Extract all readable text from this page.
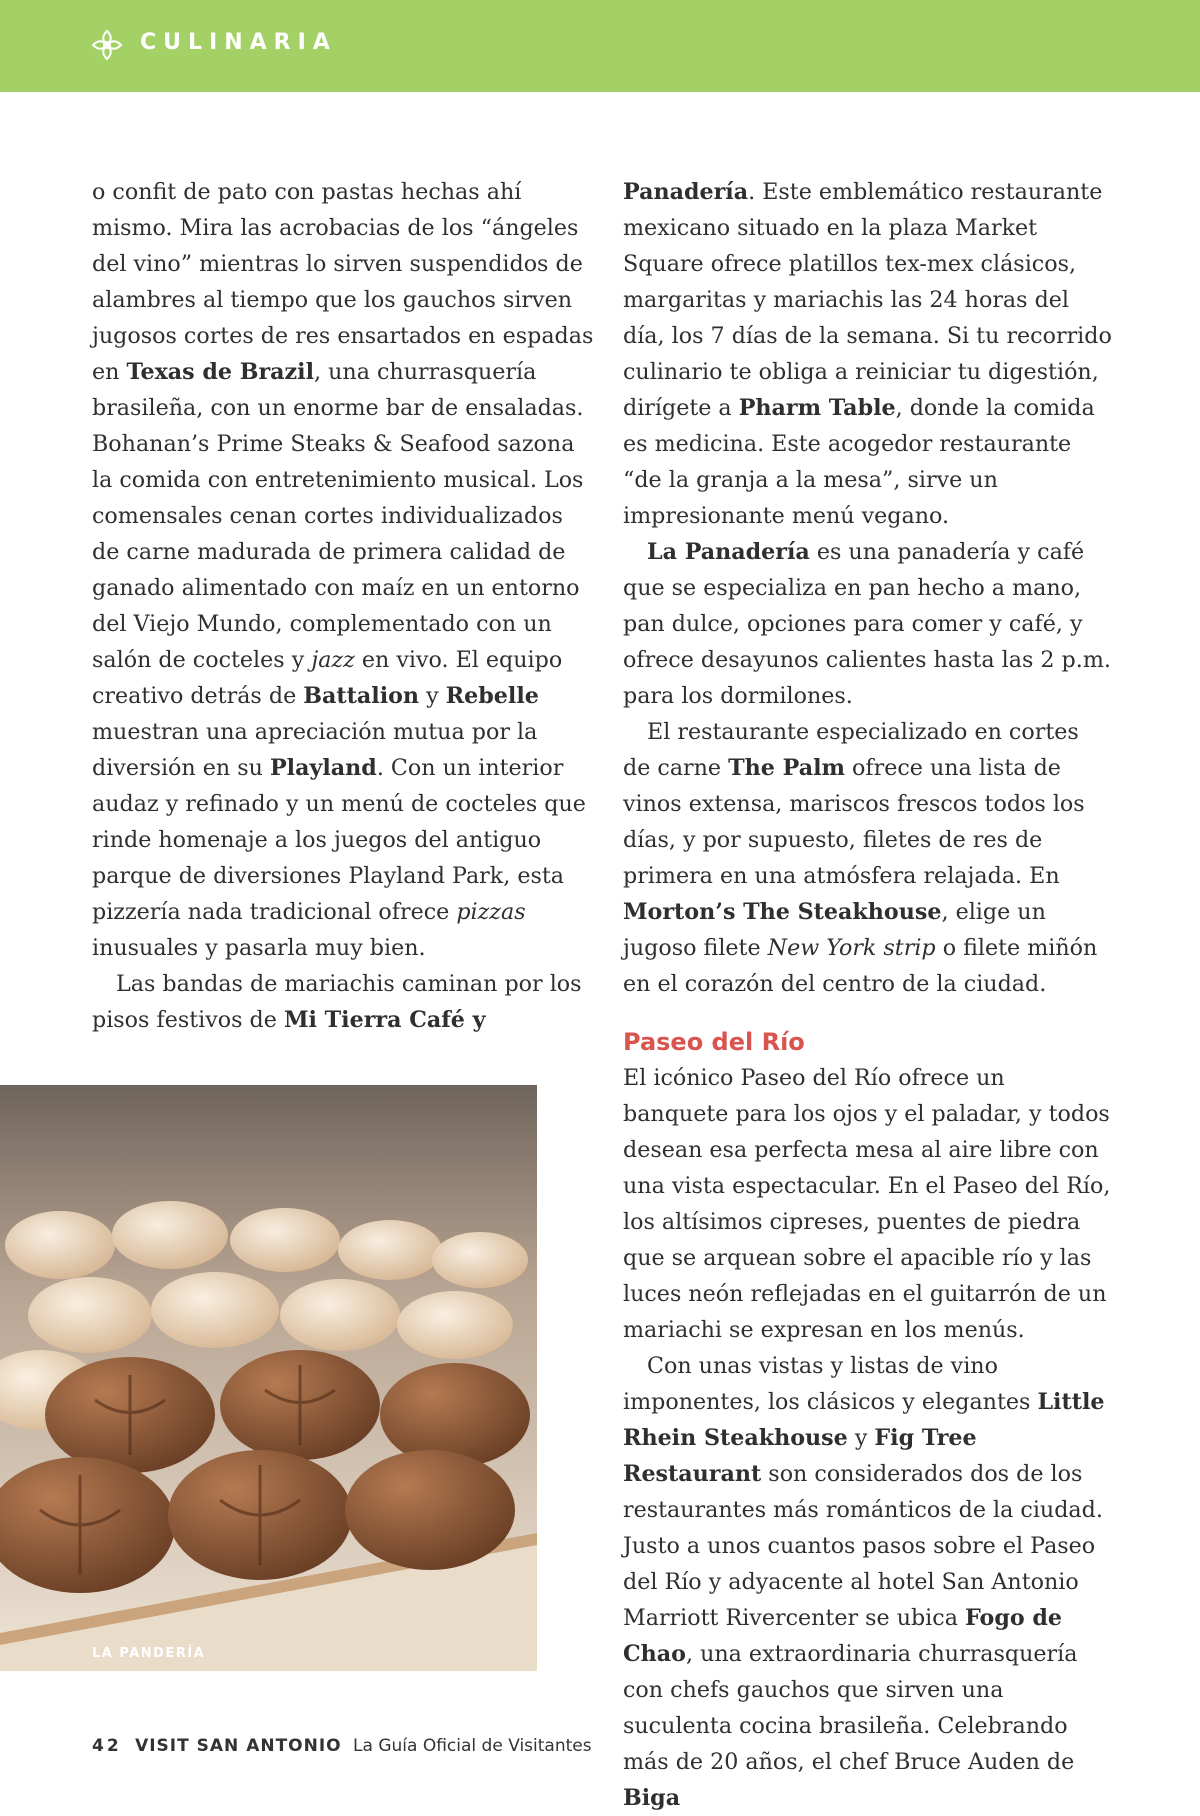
CULINARIA

o confit de pato con pastas hechas ahí mismo. Mira las acrobacias de los “ángeles del vino” mientras lo sirven suspendidos de alambres al tiempo que los gauchos sirven jugosos cortes de res ensartados en espadas en Texas de Brazil, una churrasquería brasileña, con un enorme bar de ensaladas. Bohanan’s Prime Steaks & Seafood sazona la comida con entretenimiento musical. Los comensales cenan cortes individualizados de carne madurada de primera calidad de ganado alimentado con maíz en un entorno del Viejo Mundo, complementado con un salón de cocteles y jazz en vivo. El equipo creativo detrás de Battalion y Rebelle muestran una apreciación mutua por la diversión en su Playland. Con un interior audaz y refinado y un menú de cocteles que rinde homenaje a los juegos del antiguo parque de diversiones Playland Park, esta pizzería nada tradicional ofrece pizzas inusuales y pasarla muy bien.

Las bandas de mariachis caminan por los pisos festivos de Mi Tierra Café y

Panadería. Este emblemático restaurante mexicano situado en la plaza Market Square ofrece platillos tex-mex clásicos, margaritas y mariachis las 24 horas del día, los 7 días de la semana. Si tu recorrido culinario te obliga a reiniciar tu digestión, dirígete a Pharm Table, donde la comida es medicina. Este acogedor restaurante “de la granja a la mesa”, sirve un impresionante menú vegano.

La Panadería es una panadería y café que se especializa en pan hecho a mano, pan dulce, opciones para comer y café, y ofrece desayunos calientes hasta las 2 p.m. para los dormilones.

El restaurante especializado en cortes de carne The Palm ofrece una lista de vinos extensa, mariscos frescos todos los días, y por supuesto, filetes de res de primera en una atmósfera relajada. En Morton’s The Steakhouse, elige un jugoso filete New York strip o filete miñón en el corazón del centro de la ciudad.

Paseo del Río

El icónico Paseo del Río ofrece un banquete para los ojos y el paladar, y todos desean esa perfecta mesa al aire libre con una vista espectacular. En el Paseo del Río, los altísimos cipreses, puentes de piedra que se arquean sobre el apacible río y las luces neón reflejadas en el guitarrón de un mariachi se expresan en los menús.

Con unas vistas y listas de vino imponentes, los clásicos y elegantes Little Rhein Steakhouse y Fig Tree Restaurant son considerados dos de los restaurantes más románticos de la ciudad. Justo a unos cuantos pasos sobre el Paseo del Río y adyacente al hotel San Antonio Marriott Rivercenter se ubica Fogo de Chao, una extraordinaria churrasquería con chefs gauchos que sirven una suculenta cocina brasileña. Celebrando más de 20 años, el chef Bruce Auden de Biga

LA PANDERÍA
42 VISIT SAN ANTONIO La Guía Oficial de Visitantes
